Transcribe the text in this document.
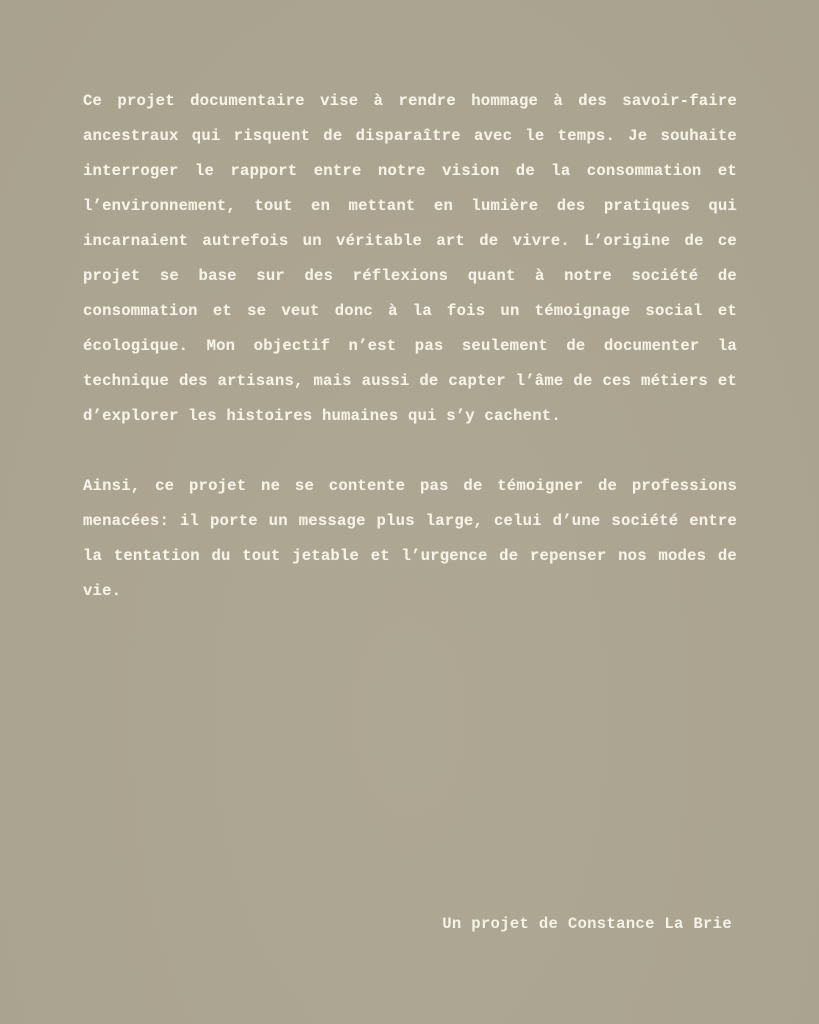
Ce projet documentaire vise à rendre hommage à des savoir-faire ancestraux qui risquent de disparaître avec le temps. Je souhaite interroger le rapport entre notre vision de la consommation et l’environnement, tout en mettant en lumière des pratiques qui incarnaient autrefois un véritable art de vivre. L’origine de ce projet se base sur des réflexions quant à notre société de consommation et se veut donc à la fois un témoignage social et écologique. Mon objectif n’est pas seulement de documenter la technique des artisans, mais aussi de capter l’âme de ces métiers et d’explorer les histoires humaines qui s’y cachent.

Ainsi, ce projet ne se contente pas de témoigner de professions menacées: il porte un message plus large, celui d’une société entre la tentation du tout jetable et l’urgence de repenser nos modes de vie.

Un projet de Constance La Brie
